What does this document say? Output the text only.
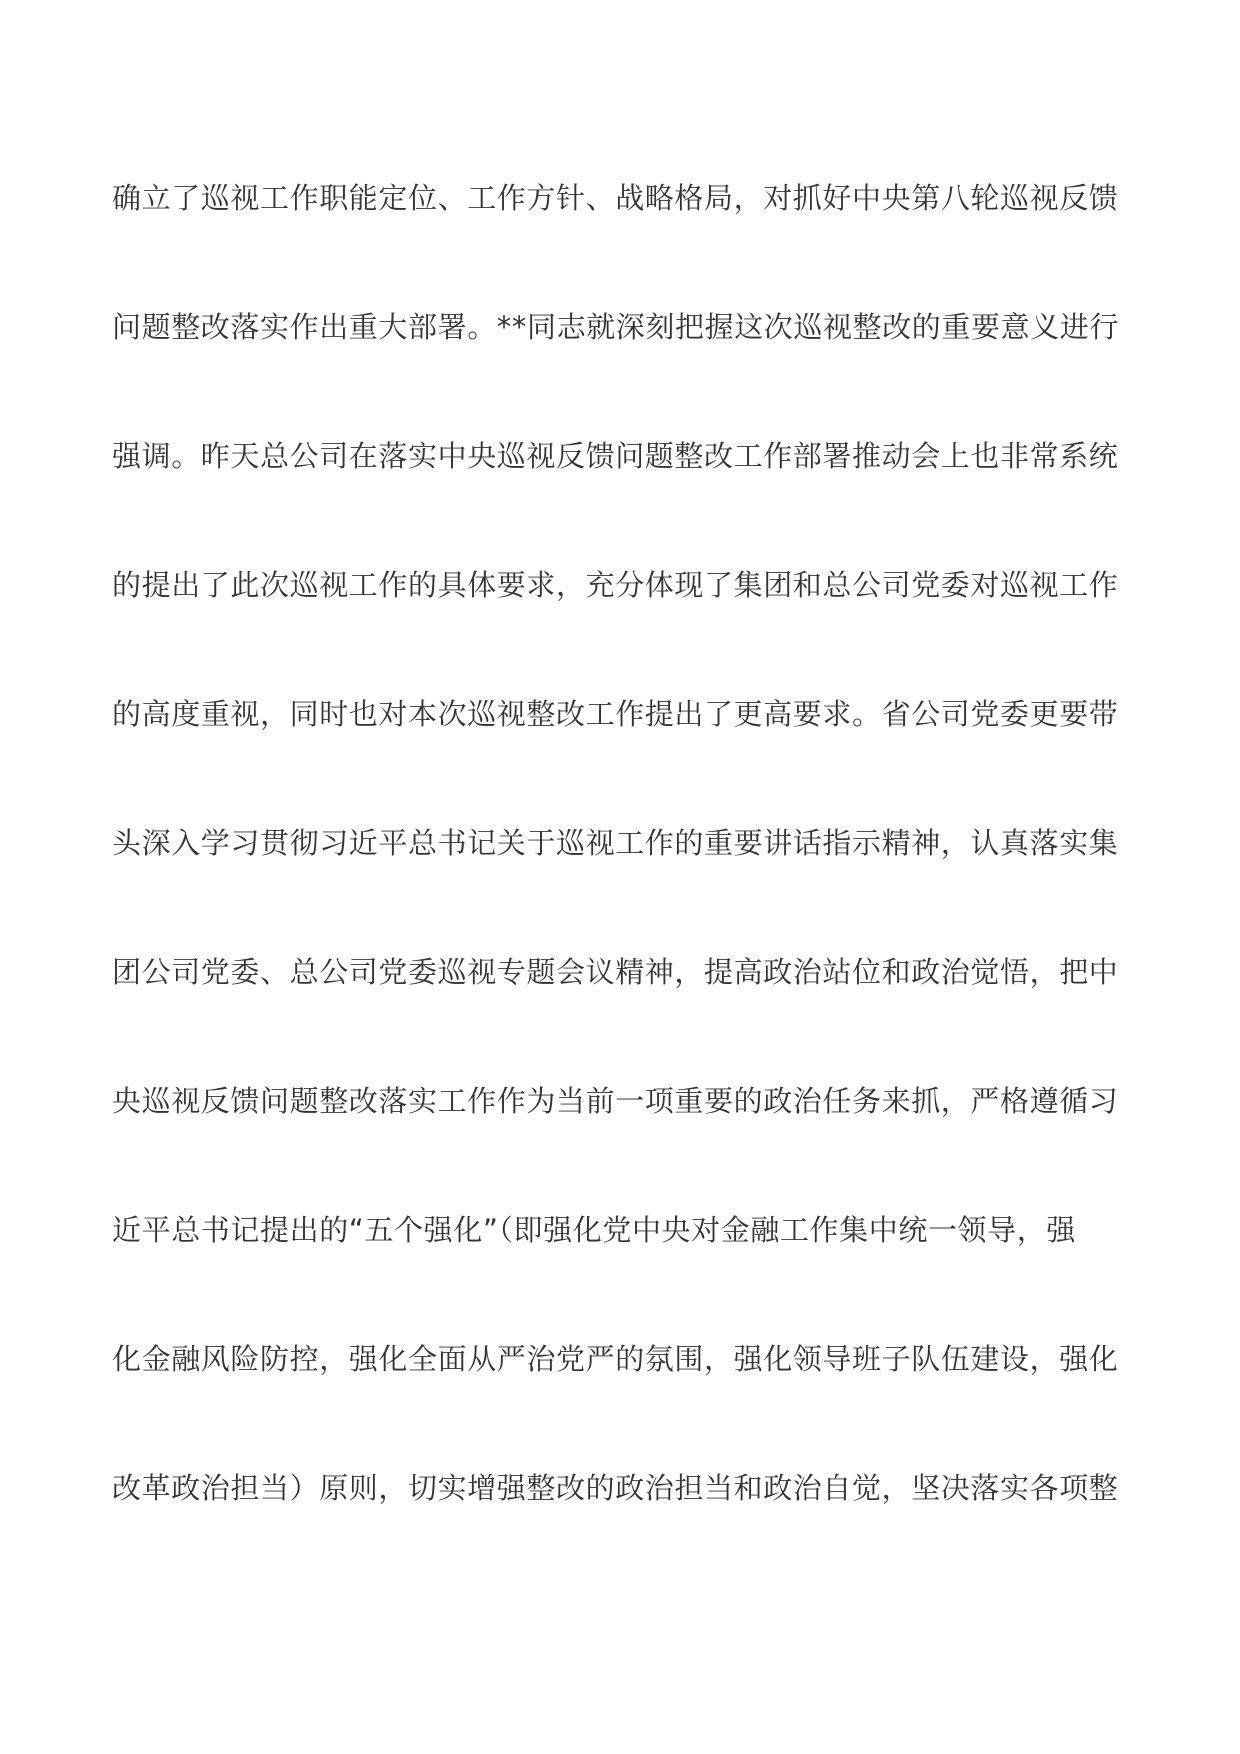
确立了巡视工作职能定位、工作方针、战略格局，对抓好中央第八轮巡视反馈
问题整改落实作出重大部署。**同志就深刻把握这次巡视整改的重要意义进行
强调。昨天总公司在落实中央巡视反馈问题整改工作部署推动会上也非常系统
的提出了此次巡视工作的具体要求，充分体现了集团和总公司党委对巡视工作
的高度重视，同时也对本次巡视整改工作提出了更高要求。省公司党委更要带
头深入学习贯彻习近平总书记关于巡视工作的重要讲话指示精神，认真落实集
团公司党委、总公司党委巡视专题会议精神，提高政治站位和政治觉悟，把中
央巡视反馈问题整改落实工作作为当前一项重要的政治任务来抓，严格遵循习
近平总书记提出的“五个强化”（即强化党中央对金融工作集中统一领导，强
化金融风险防控，强化全面从严治党严的氛围，强化领导班子队伍建设，强化
改革政治担当）原则，切实增强整改的政治担当和政治自觉，坚决落实各项整
